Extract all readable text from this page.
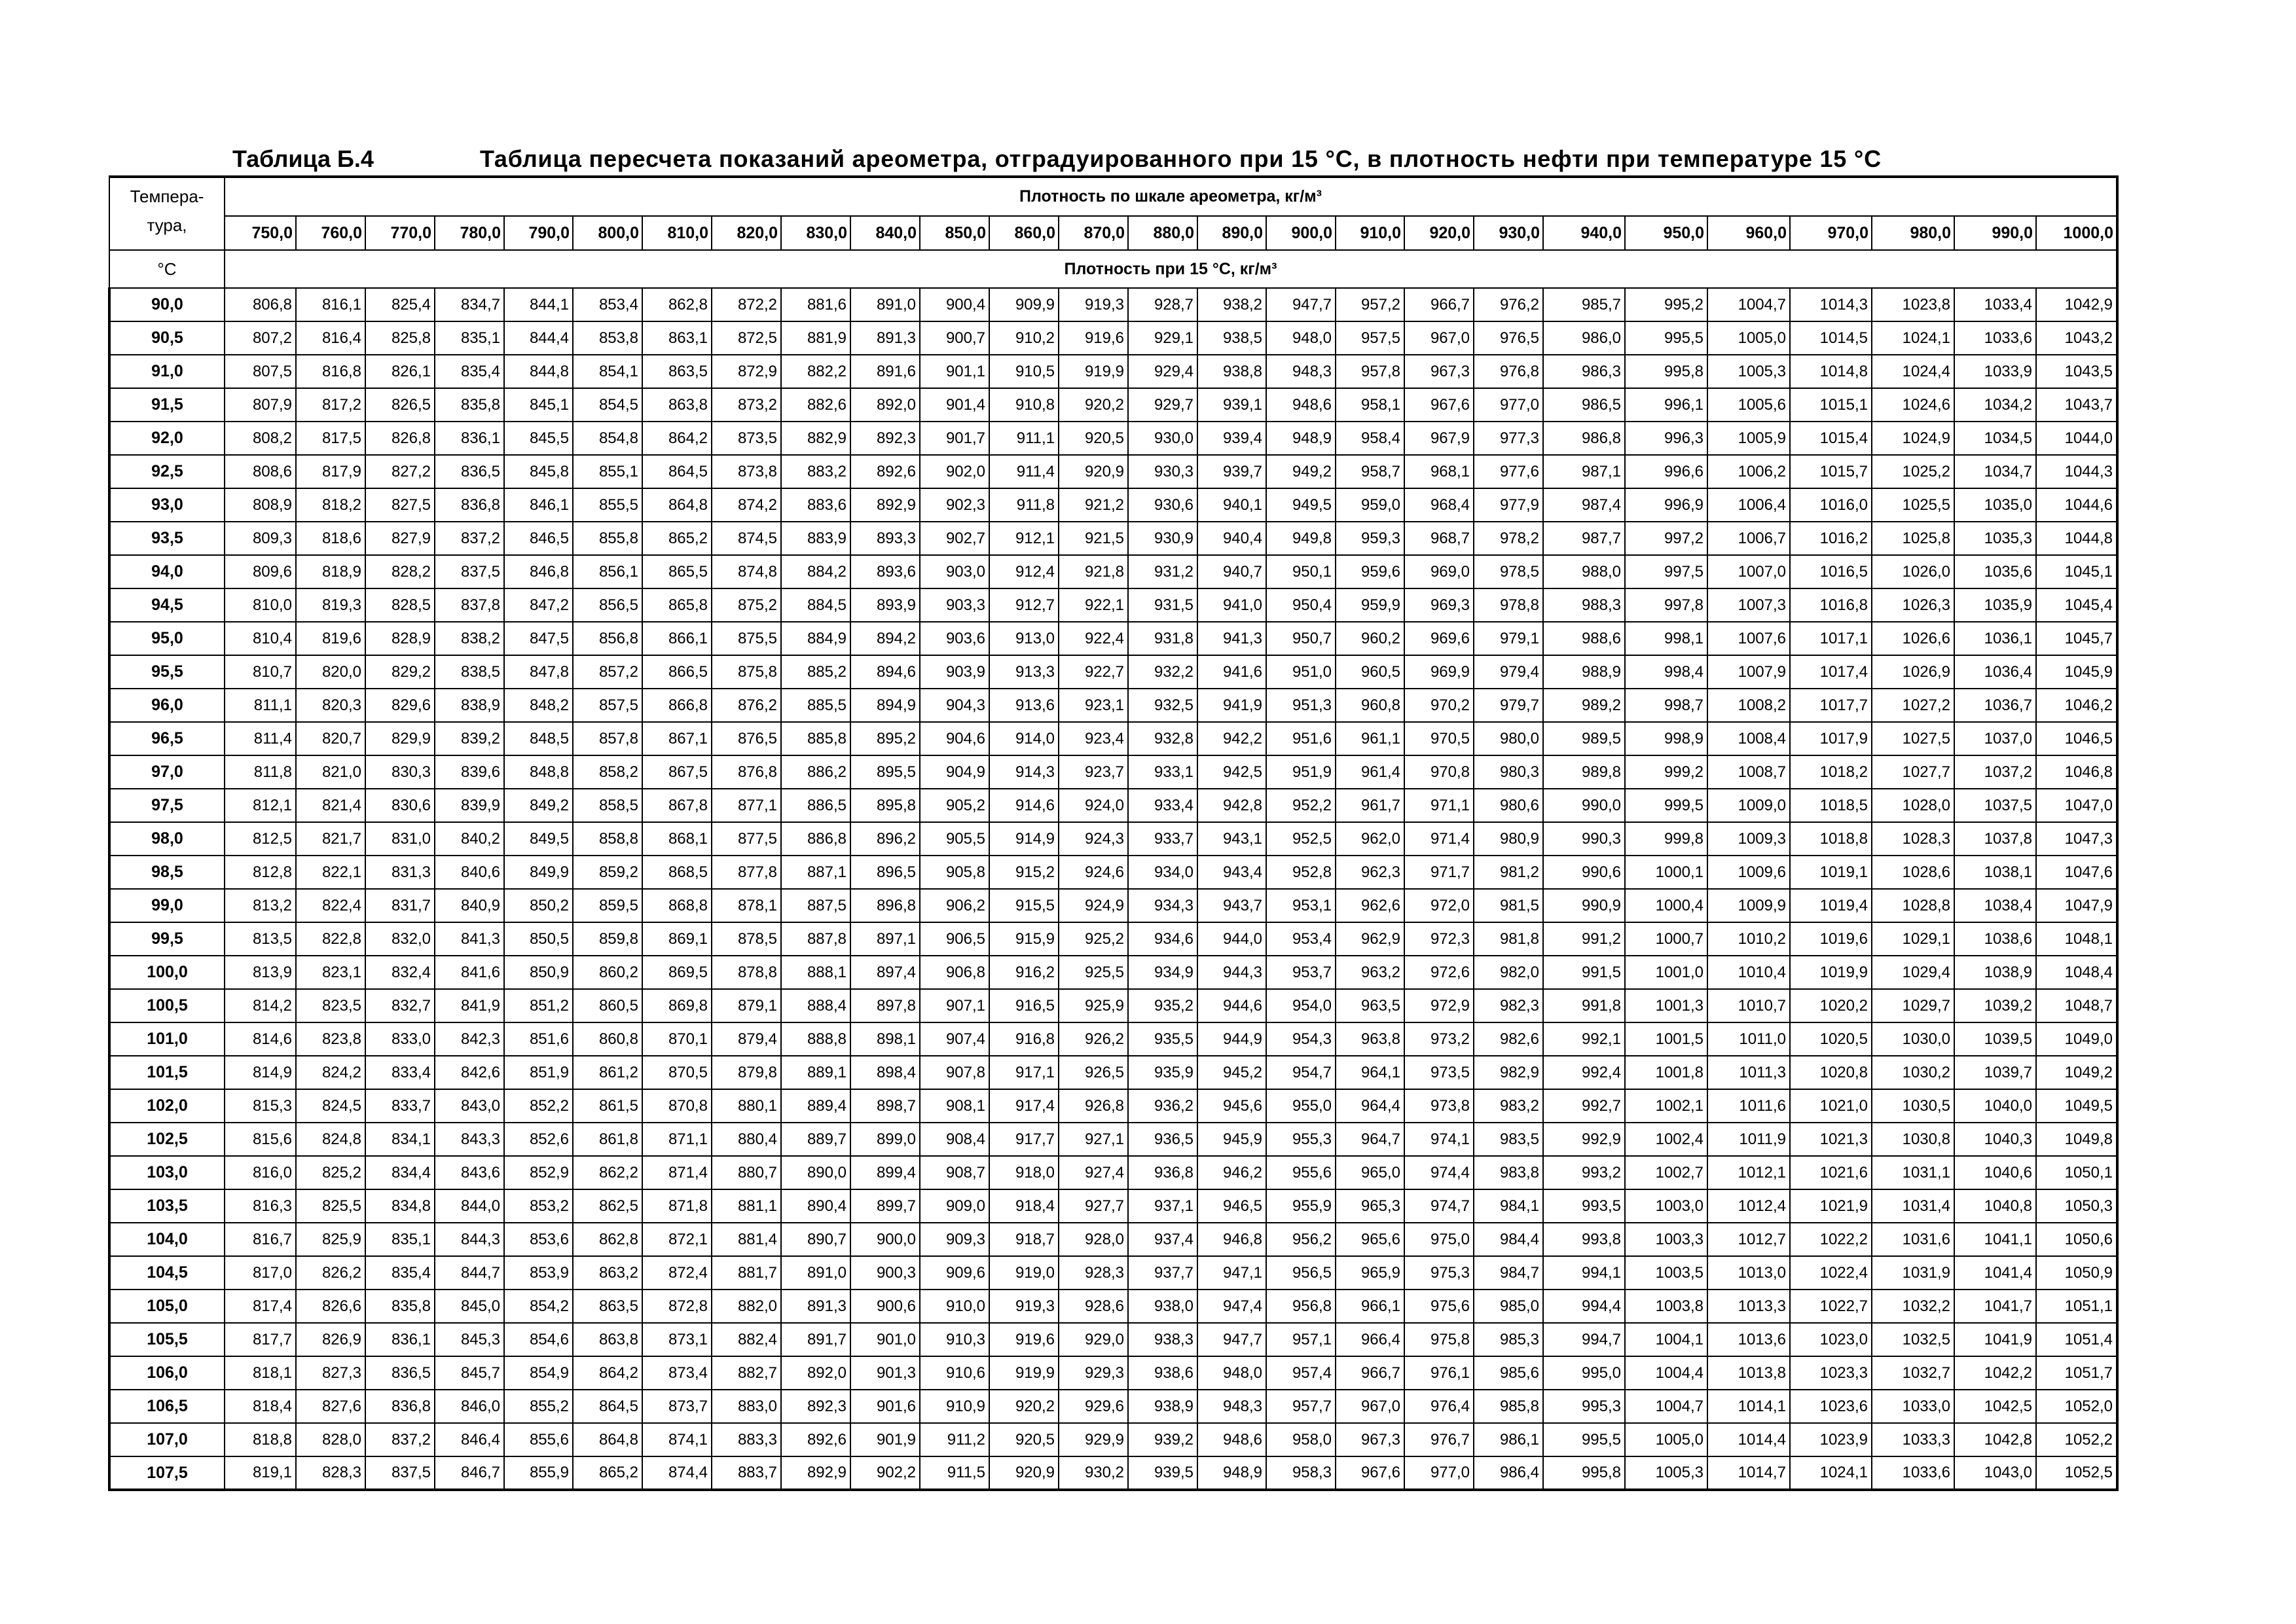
Таблица Б.4	Таблица пересчета показаний ареометра, отградуированного при 15 °С, в плотность нефти при температуре 15 °С
Темпера-
тура,	Плотность по шкале ареометра, кг/м³																									
	750,0	760,0	770,0	780,0	790,0	800,0	810,0	820,0	830,0	840,0	850,0	860,0	870,0	880,0	890,0	900,0	910,0	920,0	930,0	940,0	950,0	960,0	970,0	980,0	990,0	1000,0
°С	Плотность при 15 °С, кг/м³																									
90,0	806,8	816,1	825,4	834,7	844,1	853,4	862,8	872,2	881,6	891,0	900,4	909,9	919,3	928,7	938,2	947,7	957,2	966,7	976,2	985,7	995,2	1004,7	1014,3	1023,8	1033,4	1042,9
90,5	807,2	816,4	825,8	835,1	844,4	853,8	863,1	872,5	881,9	891,3	900,7	910,2	919,6	929,1	938,5	948,0	957,5	967,0	976,5	986,0	995,5	1005,0	1014,5	1024,1	1033,6	1043,2
91,0	807,5	816,8	826,1	835,4	844,8	854,1	863,5	872,9	882,2	891,6	901,1	910,5	919,9	929,4	938,8	948,3	957,8	967,3	976,8	986,3	995,8	1005,3	1014,8	1024,4	1033,9	1043,5
91,5	807,9	817,2	826,5	835,8	845,1	854,5	863,8	873,2	882,6	892,0	901,4	910,8	920,2	929,7	939,1	948,6	958,1	967,6	977,0	986,5	996,1	1005,6	1015,1	1024,6	1034,2	1043,7
92,0	808,2	817,5	826,8	836,1	845,5	854,8	864,2	873,5	882,9	892,3	901,7	911,1	920,5	930,0	939,4	948,9	958,4	967,9	977,3	986,8	996,3	1005,9	1015,4	1024,9	1034,5	1044,0
92,5	808,6	817,9	827,2	836,5	845,8	855,1	864,5	873,8	883,2	892,6	902,0	911,4	920,9	930,3	939,7	949,2	958,7	968,1	977,6	987,1	996,6	1006,2	1015,7	1025,2	1034,7	1044,3
93,0	808,9	818,2	827,5	836,8	846,1	855,5	864,8	874,2	883,6	892,9	902,3	911,8	921,2	930,6	940,1	949,5	959,0	968,4	977,9	987,4	996,9	1006,4	1016,0	1025,5	1035,0	1044,6
93,5	809,3	818,6	827,9	837,2	846,5	855,8	865,2	874,5	883,9	893,3	902,7	912,1	921,5	930,9	940,4	949,8	959,3	968,7	978,2	987,7	997,2	1006,7	1016,2	1025,8	1035,3	1044,8
94,0	809,6	818,9	828,2	837,5	846,8	856,1	865,5	874,8	884,2	893,6	903,0	912,4	921,8	931,2	940,7	950,1	959,6	969,0	978,5	988,0	997,5	1007,0	1016,5	1026,0	1035,6	1045,1
94,5	810,0	819,3	828,5	837,8	847,2	856,5	865,8	875,2	884,5	893,9	903,3	912,7	922,1	931,5	941,0	950,4	959,9	969,3	978,8	988,3	997,8	1007,3	1016,8	1026,3	1035,9	1045,4
95,0	810,4	819,6	828,9	838,2	847,5	856,8	866,1	875,5	884,9	894,2	903,6	913,0	922,4	931,8	941,3	950,7	960,2	969,6	979,1	988,6	998,1	1007,6	1017,1	1026,6	1036,1	1045,7
95,5	810,7	820,0	829,2	838,5	847,8	857,2	866,5	875,8	885,2	894,6	903,9	913,3	922,7	932,2	941,6	951,0	960,5	969,9	979,4	988,9	998,4	1007,9	1017,4	1026,9	1036,4	1045,9
96,0	811,1	820,3	829,6	838,9	848,2	857,5	866,8	876,2	885,5	894,9	904,3	913,6	923,1	932,5	941,9	951,3	960,8	970,2	979,7	989,2	998,7	1008,2	1017,7	1027,2	1036,7	1046,2
96,5	811,4	820,7	829,9	839,2	848,5	857,8	867,1	876,5	885,8	895,2	904,6	914,0	923,4	932,8	942,2	951,6	961,1	970,5	980,0	989,5	998,9	1008,4	1017,9	1027,5	1037,0	1046,5
97,0	811,8	821,0	830,3	839,6	848,8	858,2	867,5	876,8	886,2	895,5	904,9	914,3	923,7	933,1	942,5	951,9	961,4	970,8	980,3	989,8	999,2	1008,7	1018,2	1027,7	1037,2	1046,8
97,5	812,1	821,4	830,6	839,9	849,2	858,5	867,8	877,1	886,5	895,8	905,2	914,6	924,0	933,4	942,8	952,2	961,7	971,1	980,6	990,0	999,5	1009,0	1018,5	1028,0	1037,5	1047,0
98,0	812,5	821,7	831,0	840,2	849,5	858,8	868,1	877,5	886,8	896,2	905,5	914,9	924,3	933,7	943,1	952,5	962,0	971,4	980,9	990,3	999,8	1009,3	1018,8	1028,3	1037,8	1047,3
98,5	812,8	822,1	831,3	840,6	849,9	859,2	868,5	877,8	887,1	896,5	905,8	915,2	924,6	934,0	943,4	952,8	962,3	971,7	981,2	990,6	1000,1	1009,6	1019,1	1028,6	1038,1	1047,6
99,0	813,2	822,4	831,7	840,9	850,2	859,5	868,8	878,1	887,5	896,8	906,2	915,5	924,9	934,3	943,7	953,1	962,6	972,0	981,5	990,9	1000,4	1009,9	1019,4	1028,8	1038,4	1047,9
99,5	813,5	822,8	832,0	841,3	850,5	859,8	869,1	878,5	887,8	897,1	906,5	915,9	925,2	934,6	944,0	953,4	962,9	972,3	981,8	991,2	1000,7	1010,2	1019,6	1029,1	1038,6	1048,1
100,0	813,9	823,1	832,4	841,6	850,9	860,2	869,5	878,8	888,1	897,4	906,8	916,2	925,5	934,9	944,3	953,7	963,2	972,6	982,0	991,5	1001,0	1010,4	1019,9	1029,4	1038,9	1048,4
100,5	814,2	823,5	832,7	841,9	851,2	860,5	869,8	879,1	888,4	897,8	907,1	916,5	925,9	935,2	944,6	954,0	963,5	972,9	982,3	991,8	1001,3	1010,7	1020,2	1029,7	1039,2	1048,7
101,0	814,6	823,8	833,0	842,3	851,6	860,8	870,1	879,4	888,8	898,1	907,4	916,8	926,2	935,5	944,9	954,3	963,8	973,2	982,6	992,1	1001,5	1011,0	1020,5	1030,0	1039,5	1049,0
101,5	814,9	824,2	833,4	842,6	851,9	861,2	870,5	879,8	889,1	898,4	907,8	917,1	926,5	935,9	945,2	954,7	964,1	973,5	982,9	992,4	1001,8	1011,3	1020,8	1030,2	1039,7	1049,2
102,0	815,3	824,5	833,7	843,0	852,2	861,5	870,8	880,1	889,4	898,7	908,1	917,4	926,8	936,2	945,6	955,0	964,4	973,8	983,2	992,7	1002,1	1011,6	1021,0	1030,5	1040,0	1049,5
102,5	815,6	824,8	834,1	843,3	852,6	861,8	871,1	880,4	889,7	899,0	908,4	917,7	927,1	936,5	945,9	955,3	964,7	974,1	983,5	992,9	1002,4	1011,9	1021,3	1030,8	1040,3	1049,8
103,0	816,0	825,2	834,4	843,6	852,9	862,2	871,4	880,7	890,0	899,4	908,7	918,0	927,4	936,8	946,2	955,6	965,0	974,4	983,8	993,2	1002,7	1012,1	1021,6	1031,1	1040,6	1050,1
103,5	816,3	825,5	834,8	844,0	853,2	862,5	871,8	881,1	890,4	899,7	909,0	918,4	927,7	937,1	946,5	955,9	965,3	974,7	984,1	993,5	1003,0	1012,4	1021,9	1031,4	1040,8	1050,3
104,0	816,7	825,9	835,1	844,3	853,6	862,8	872,1	881,4	890,7	900,0	909,3	918,7	928,0	937,4	946,8	956,2	965,6	975,0	984,4	993,8	1003,3	1012,7	1022,2	1031,6	1041,1	1050,6
104,5	817,0	826,2	835,4	844,7	853,9	863,2	872,4	881,7	891,0	900,3	909,6	919,0	928,3	937,7	947,1	956,5	965,9	975,3	984,7	994,1	1003,5	1013,0	1022,4	1031,9	1041,4	1050,9
105,0	817,4	826,6	835,8	845,0	854,2	863,5	872,8	882,0	891,3	900,6	910,0	919,3	928,6	938,0	947,4	956,8	966,1	975,6	985,0	994,4	1003,8	1013,3	1022,7	1032,2	1041,7	1051,1
105,5	817,7	826,9	836,1	845,3	854,6	863,8	873,1	882,4	891,7	901,0	910,3	919,6	929,0	938,3	947,7	957,1	966,4	975,8	985,3	994,7	1004,1	1013,6	1023,0	1032,5	1041,9	1051,4
106,0	818,1	827,3	836,5	845,7	854,9	864,2	873,4	882,7	892,0	901,3	910,6	919,9	929,3	938,6	948,0	957,4	966,7	976,1	985,6	995,0	1004,4	1013,8	1023,3	1032,7	1042,2	1051,7
106,5	818,4	827,6	836,8	846,0	855,2	864,5	873,7	883,0	892,3	901,6	910,9	920,2	929,6	938,9	948,3	957,7	967,0	976,4	985,8	995,3	1004,7	1014,1	1023,6	1033,0	1042,5	1052,0
107,0	818,8	828,0	837,2	846,4	855,6	864,8	874,1	883,3	892,6	901,9	911,2	920,5	929,9	939,2	948,6	958,0	967,3	976,7	986,1	995,5	1005,0	1014,4	1023,9	1033,3	1042,8	1052,2
107,5	819,1	828,3	837,5	846,7	855,9	865,2	874,4	883,7	892,9	902,2	911,5	920,9	930,2	939,5	948,9	958,3	967,6	977,0	986,4	995,8	1005,3	1014,7	1024,1	1033,6	1043,0	1052,5
